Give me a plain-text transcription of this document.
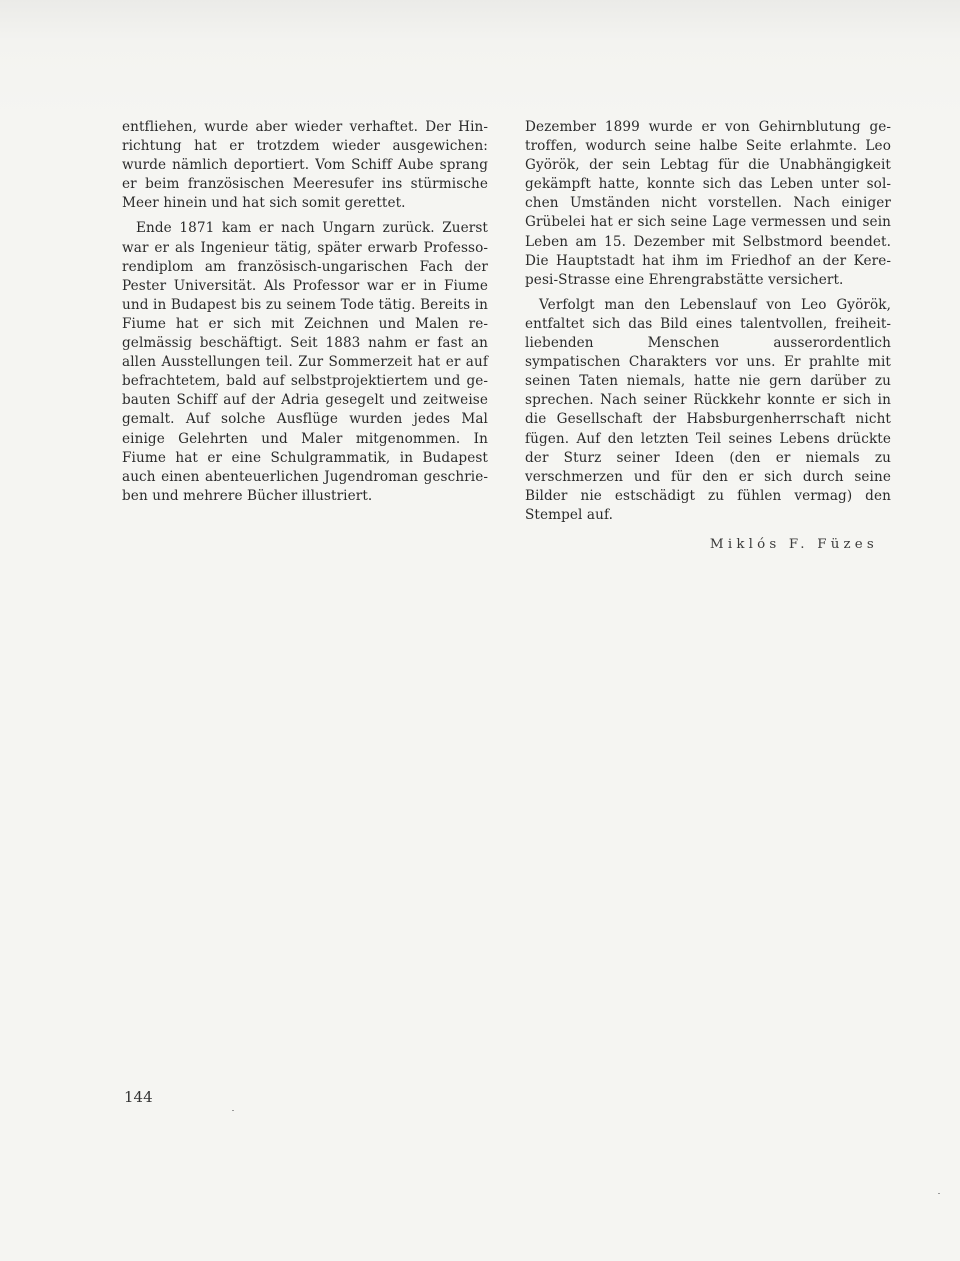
entfliehen, wurde aber wieder verhaftet. Der Hinrichtung hat er trotzdem wieder ausgewichen: wurde nämlich deportiert. Vom Schiff Aube sprang er beim französischen Meeresufer ins stürmische Meer hinein und hat sich somit gerettet.

Ende 1871 kam er nach Ungarn zurück. Zuerst war er als Ingenieur tätig, später erwarb Professorendiplom am französisch-ungarischen Fach der Pester Universität. Als Professor war er in Fiume und in Budapest bis zu seinem Tode tätig. Bereits in Fiume hat er sich mit Zeichnen und Malen regelmässig beschäftigt. Seit 1883 nahm er fast an allen Ausstellungen teil. Zur Sommerzeit hat er auf befrachtetem, bald auf selbstprojektiertem und gebauten Schiff auf der Adria gesegelt und zeitweise gemalt. Auf solche Ausflüge wurden jedes Mal einige Gelehrten und Maler mitgenommen. In Fiume hat er eine Schulgrammatik, in Budapest auch einen abenteuerlichen Jugendroman geschrieben und mehrere Bücher illustriert.

Dezember 1899 wurde er von Gehirnblutung getroffen, wodurch seine halbe Seite erlahmte. Leo Györök, der sein Lebtag für die Unabhängigkeit gekämpft hatte, konnte sich das Leben unter solchen Umständen nicht vorstellen. Nach einiger Grübelei hat er sich seine Lage vermessen und sein Leben am 15. Dezember mit Selbstmord beendet. Die Hauptstadt hat ihm im Friedhof an der Kerepesi-Strasse eine Ehrengrabstätte versichert.

Verfolgt man den Lebenslauf von Leo Györök, entfaltet sich das Bild eines talentvollen, freiheitliebenden Menschen ausserordentlich sympatischen Charakters vor uns. Er prahlte mit seinen Taten niemals, hatte nie gern darüber zu sprechen. Nach seiner Rückkehr konnte er sich in die Gesellschaft der Habsburgenherrschaft nicht fügen. Auf den letzten Teil seines Lebens drückte der Sturz seiner Ideen (den er niemals zu verschmerzen und für den er sich durch seine Bilder nie estschädigt zu fühlen vermag) den Stempel auf.

Miklós F. Füzes
144
